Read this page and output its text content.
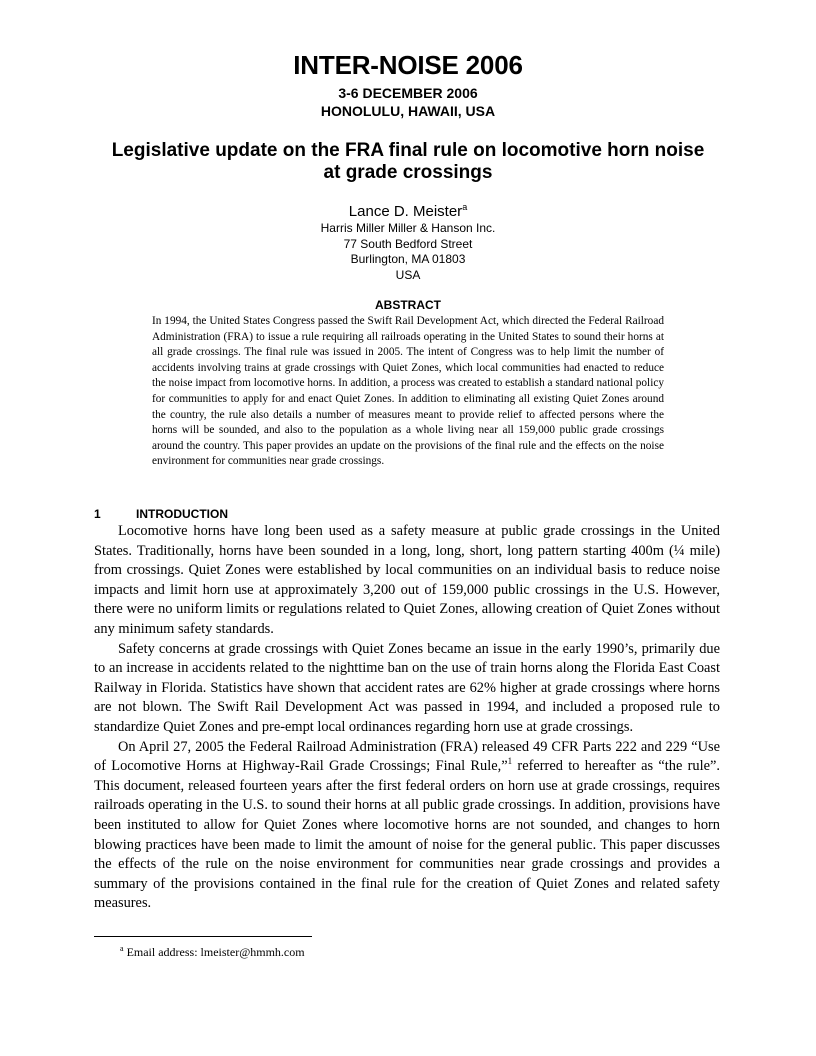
INTER-NOISE 2006
3-6 DECEMBER 2006
HONOLULU, HAWAII, USA
Legislative update on the FRA final rule on locomotive horn noise
at grade crossings
Lance D. Meister$^a$
Harris Miller Miller & Hanson Inc.
77 South Bedford Street
Burlington, MA 01803
USA
ABSTRACT

In 1994, the United States Congress passed the Swift Rail Development Act, which directed the Federal Railroad Administration (FRA) to issue a rule requiring all railroads operating in the United States to sound their horns at all grade crossings. The final rule was issued in 2005. The intent of Congress was to help limit the number of accidents involving trains at grade crossings with Quiet Zones, which local communities had enacted to reduce the noise impact from locomotive horns. In addition, a process was created to establish a standard national policy for communities to apply for and enact Quiet Zones. In addition to eliminating all existing Quiet Zones around the country, the rule also details a number of measures meant to provide relief to affected persons where the horns will be sounded, and also to the population as a whole living near all 159,000 public grade crossings around the country. This paper provides an update on the provisions of the final rule and the effects on the noise environment for communities near grade crossings.

1	INTRODUCTION

Locomotive horns have long been used as a safety measure at public grade crossings in the United States. Traditionally, horns have been sounded in a long, long, short, long pattern starting 400m (¼ mile) from crossings. Quiet Zones were established by local communities on an individual basis to reduce noise impacts and limit horn use at approximately 3,200 out of 159,000 public crossings in the U.S. However, there were no uniform limits or regulations related to Quiet Zones, allowing creation of Quiet Zones without any minimum safety standards.

Safety concerns at grade crossings with Quiet Zones became an issue in the early 1990’s, primarily due to an increase in accidents related to the nighttime ban on the use of train horns along the Florida East Coast Railway in Florida. Statistics have shown that accident rates are 62% higher at grade crossings where horns are not blown. The Swift Rail Development Act was passed in 1994, and included a proposed rule to standardize Quiet Zones and pre-empt local ordinances regarding horn use at grade crossings.

On April 27, 2005 the Federal Railroad Administration (FRA) released 49 CFR Parts 222 and 229 “Use of Locomotive Horns at Highway-Rail Grade Crossings; Final Rule,”$^1$ referred to hereafter as “the rule”. This document, released fourteen years after the first federal orders on horn use at grade crossings, requires railroads operating in the U.S. to sound their horns at all public grade crossings. In addition, provisions have been instituted to allow for Quiet Zones where locomotive horns are not sounded, and changes to horn blowing practices have been made to limit the amount of noise for the general public. This paper discusses the effects of the rule on the noise environment for communities near grade crossings and provides a summary of the provisions contained in the final rule for the creation of Quiet Zones and related safety measures.

$^a$ Email address: lmeister@hmmh.com
